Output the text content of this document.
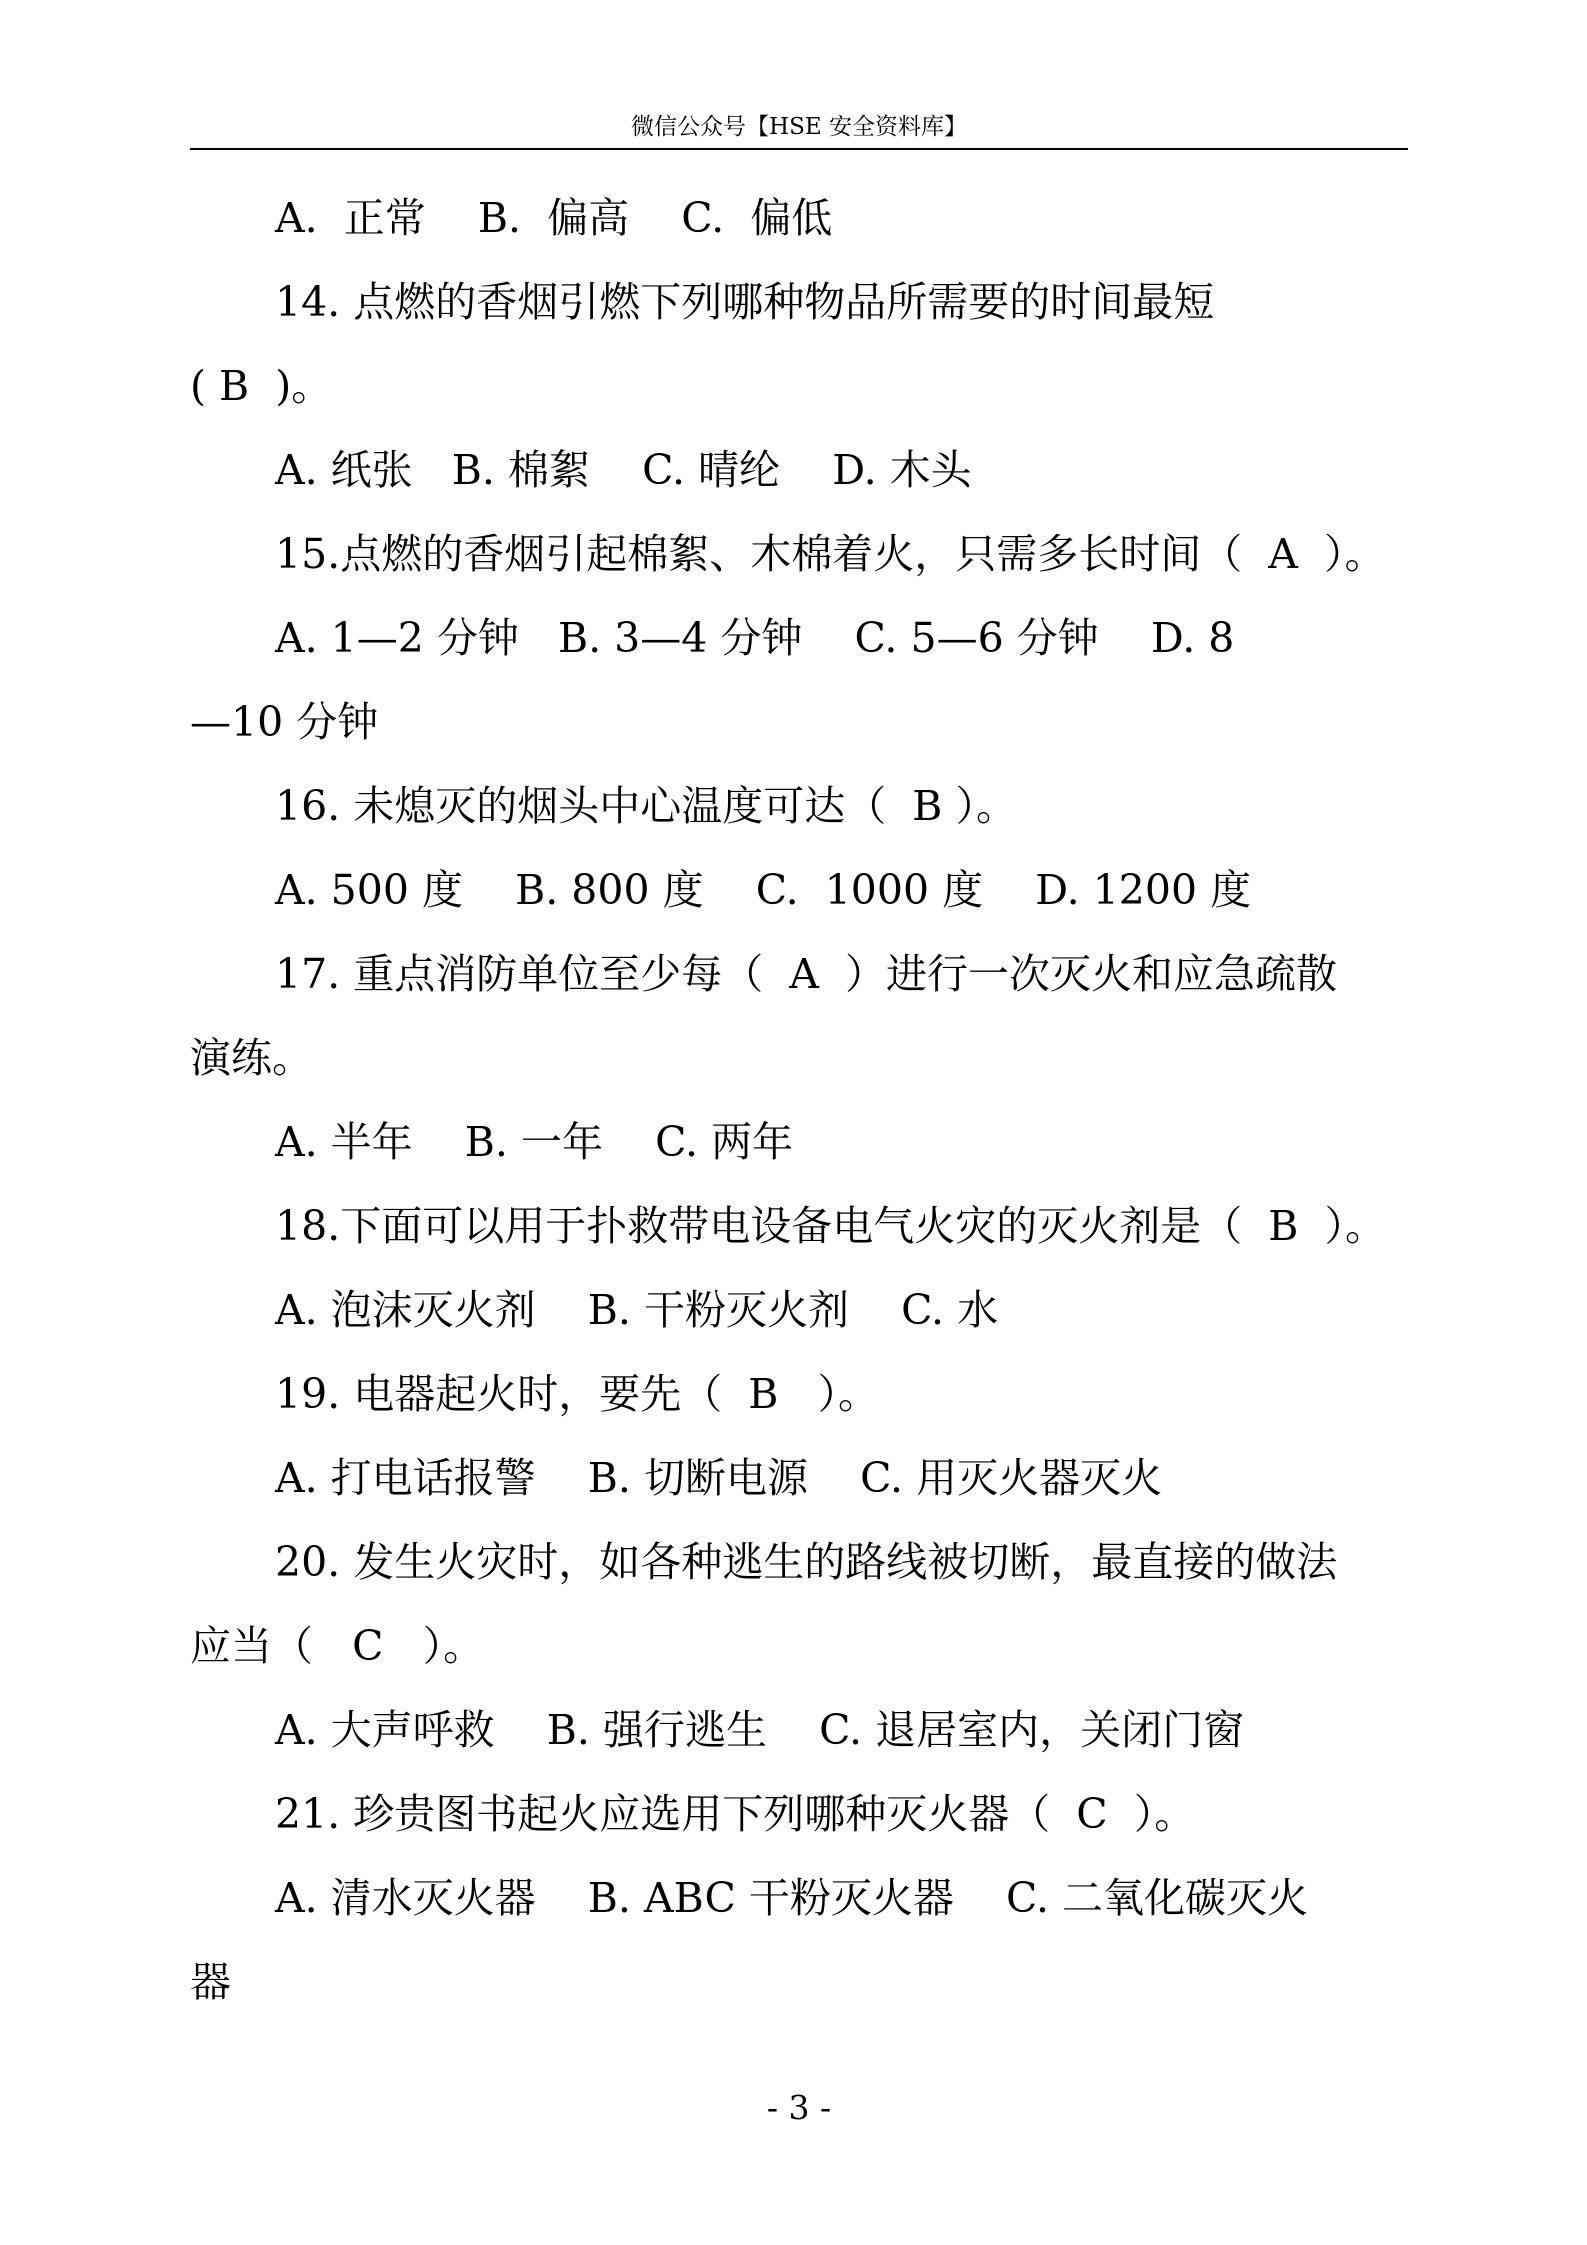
微信公众号【HSE 安全资料库】
A.  正常    B.  偏高    C.  偏低
14. 点燃的香烟引燃下列哪种物品所需要的时间最短
( B  )。
A. 纸张   B. 棉絮    C. 晴纶    D. 木头
15.点燃的香烟引起棉絮、木棉着火，只需多长时间（  A  ）。
A. 1—2 分钟   B. 3—4 分钟    C. 5—6 分钟    D. 8
—10 分钟
16. 未熄灭的烟头中心温度可达（  B ）。
A. 500 度    B. 800 度    C.  1000 度    D. 1200 度
17. 重点消防单位至少每（  A  ）进行一次灭火和应急疏散
演练。
A. 半年    B. 一年    C. 两年
18.下面可以用于扑救带电设备电气火灾的灭火剂是（  B  ）。
A. 泡沫灭火剂    B. 干粉灭火剂    C. 水
19. 电器起火时，要先（  B   ）。
A. 打电话报警    B. 切断电源    C. 用灭火器灭火
20. 发生火灾时，如各种逃生的路线被切断，最直接的做法
应当（   C   ）。
A. 大声呼救    B. 强行逃生    C. 退居室内，关闭门窗
21. 珍贵图书起火应选用下列哪种灭火器（  C  ）。
A. 清水灭火器    B. ABC 干粉灭火器    C. 二氧化碳灭火
器
- 3 -
